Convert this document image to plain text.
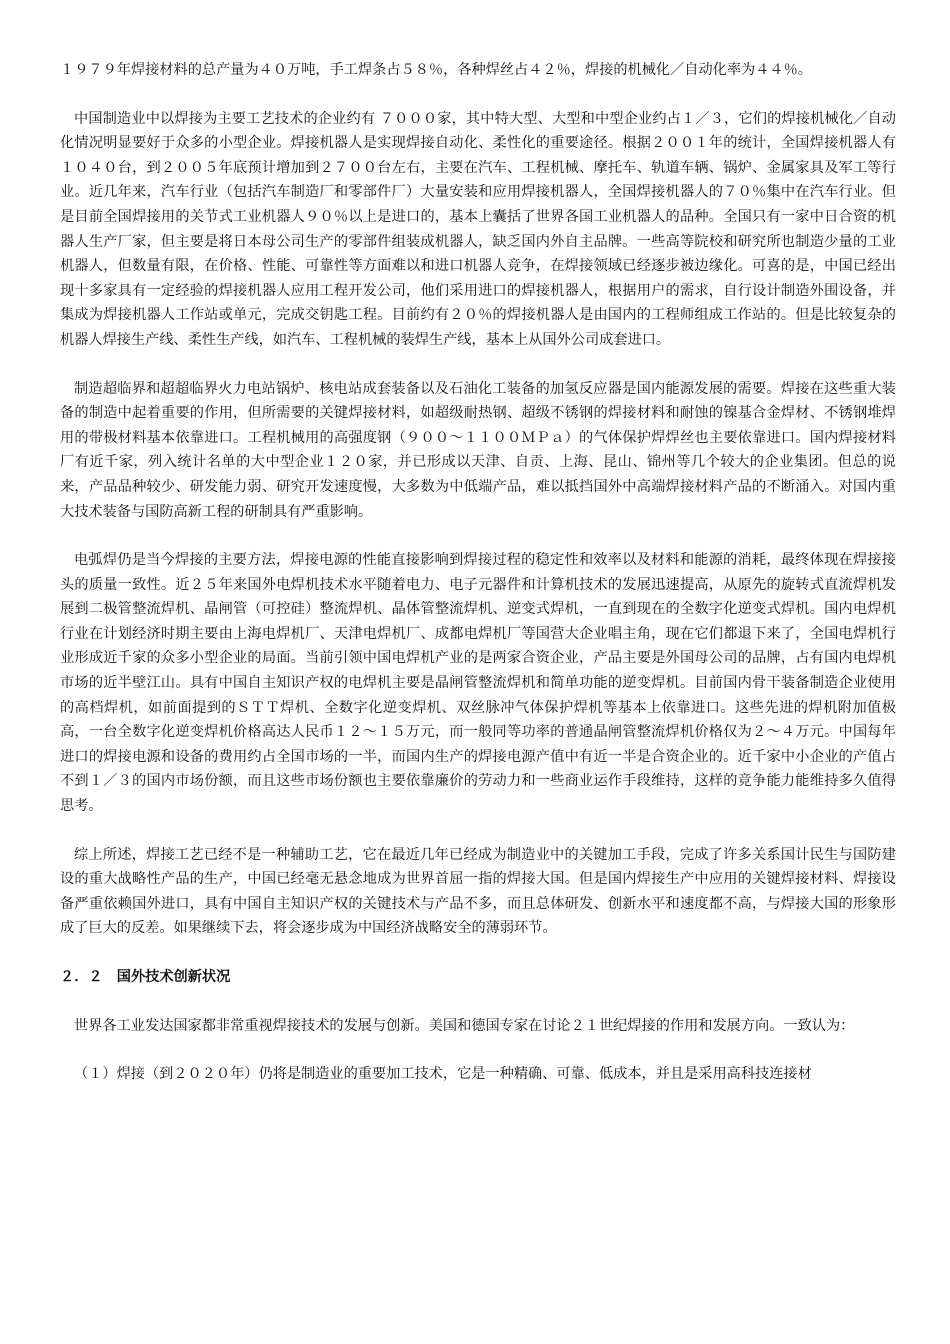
１９７９年焊接材料的总产量为４０万吨，手工焊条占５８％，各种焊丝占４２％，焊接的机械化／自动化率为４４％。

中国制造业中以焊接为主要工艺技术的企业约有 ７０００家，其中特大型、大型和中型企业约占１／３，它们的焊接机械化／自动化情况明显要好于众多的小型企业。焊接机器人是实现焊接自动化、柔性化的重要途径。根据２００１年的统计，全国焊接机器人有１０４０台，到２００５年底预计增加到２７００台左右，主要在汽车、工程机械、摩托车、轨道车辆、锅炉、金属家具及军工等行业。近几年来，汽车行业（包括汽车制造厂和零部件厂）大量安装和应用焊接机器人，全国焊接机器人的７０％集中在汽车行业。但是目前全国焊接用的关节式工业机器人９０％以上是进口的，基本上囊括了世界各国工业机器人的品种。全国只有一家中日合资的机器人生产厂家，但主要是将日本母公司生产的零部件组装成机器人，缺乏国内外自主品牌。一些高等院校和研究所也制造少量的工业机器人，但数量有限，在价格、性能、可靠性等方面难以和进口机器人竞争，在焊接领域已经逐步被边缘化。可喜的是，中国已经出现十多家具有一定经验的焊接机器人应用工程开发公司，他们采用进口的焊接机器人，根据用户的需求，自行设计制造外围设备，并集成为焊接机器人工作站或单元，完成交钥匙工程。目前约有２０％的焊接机器人是由国内的工程师组成工作站的。但是比较复杂的机器人焊接生产线、柔性生产线，如汽车、工程机械的装焊生产线，基本上从国外公司成套进口。

制造超临界和超超临界火力电站锅炉、核电站成套装备以及石油化工装备的加氢反应器是国内能源发展的需要。焊接在这些重大装备的制造中起着重要的作用，但所需要的关键焊接材料，如超级耐热钢、超级不锈钢的焊接材料和耐蚀的镍基合金焊材、不锈钢堆焊用的带极材料基本依靠进口。工程机械用的高强度钢（９００～１１００ＭＰａ）的气体保护焊焊丝也主要依靠进口。国内焊接材料厂有近千家，列入统计名单的大中型企业１２０家，并已形成以天津、自贡、上海、昆山、锦州等几个较大的企业集团。但总的说来，产品品种较少、研发能力弱、研究开发速度慢，大多数为中低端产品，难以抵挡国外中高端焊接材料产品的不断涌入。对国内重大技术装备与国防高新工程的研制具有严重影响。

电弧焊仍是当今焊接的主要方法，焊接电源的性能直接影响到焊接过程的稳定性和效率以及材料和能源的消耗，最终体现在焊接接头的质量一致性。近２５年来国外电焊机技术水平随着电力、电子元器件和计算机技术的发展迅速提高，从原先的旋转式直流焊机发展到二极管整流焊机、晶闸管（可控硅）整流焊机、晶体管整流焊机、逆变式焊机，一直到现在的全数字化逆变式焊机。国内电焊机行业在计划经济时期主要由上海电焊机厂、天津电焊机厂、成都电焊机厂等国营大企业唱主角，现在它们都退下来了，全国电焊机行业形成近千家的众多小型企业的局面。当前引领中国电焊机产业的是两家合资企业，产品主要是外国母公司的品牌，占有国内电焊机市场的近半壁江山。具有中国自主知识产权的电焊机主要是晶闸管整流焊机和简单功能的逆变焊机。目前国内骨干装备制造企业使用的高档焊机，如前面提到的ＳＴＴ焊机、全数字化逆变焊机、双丝脉冲气体保护焊机等基本上依靠进口。这些先进的焊机附加值极高，一台全数字化逆变焊机价格高达人民币１２～１５万元，而一般同等功率的普通晶闸管整流焊机价格仅为２～４万元。中国每年进口的焊接电源和设备的费用约占全国市场的一半，而国内生产的焊接电源产值中有近一半是合资企业的。近千家中小企业的产值占不到１／３的国内市场份额，而且这些市场份额也主要依靠廉价的劳动力和一些商业运作手段维持，这样的竞争能力能维持多久值得思考。

综上所述，焊接工艺已经不是一种辅助工艺，它在最近几年已经成为制造业中的关键加工手段，完成了许多关系国计民生与国防建设的重大战略性产品的生产，中国已经毫无悬念地成为世界首屈一指的焊接大国。但是国内焊接生产中应用的关键焊接材料、焊接设备严重依赖国外进口，具有中国自主知识产权的关键技术与产品不多，而且总体研发、创新水平和速度都不高，与焊接大国的形象形成了巨大的反差。如果继续下去，将会逐步成为中国经济战略安全的薄弱环节。

２．２　国外技术创新状况

世界各工业发达国家都非常重视焊接技术的发展与创新。美国和德国专家在讨论２１世纪焊接的作用和发展方向。一致认为：

（１）焊接（到２０２０年）仍将是制造业的重要加工技术，它是一种精确、可靠、低成本，并且是采用高科技连接材
